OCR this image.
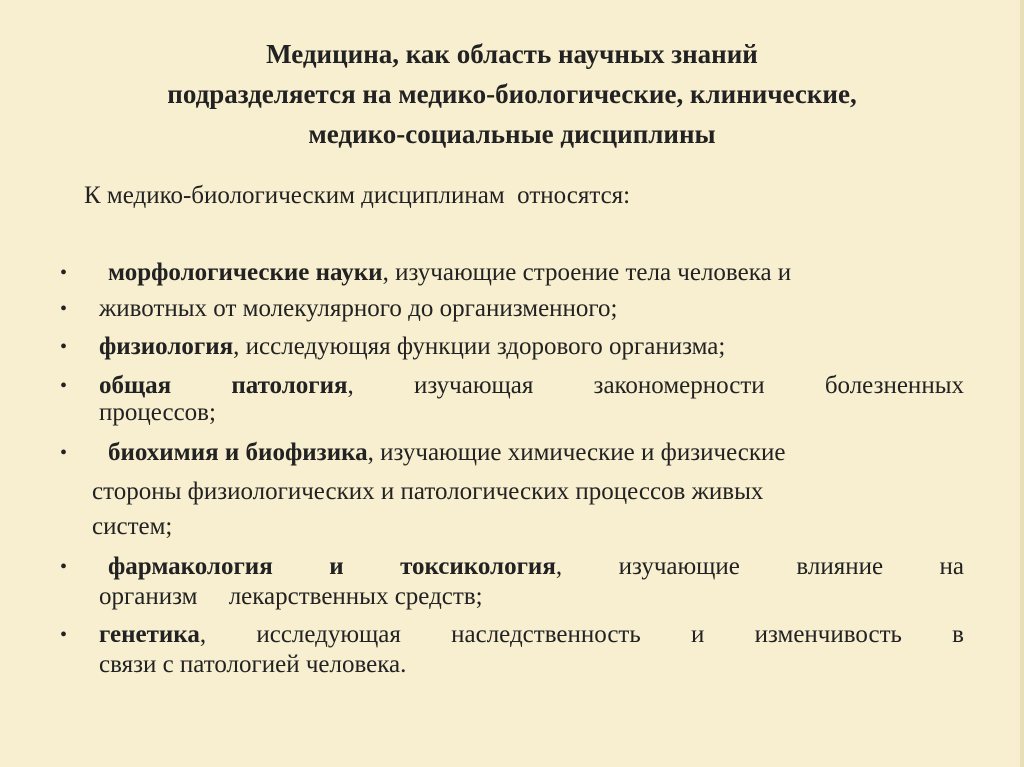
Медицина, как область научных знаний
подразделяется на медико-биологические, клинические,
медико-социальные дисциплины
К медико-биологическим дисциплинам  относятся:
• морфологические науки, изучающие строение тела человека и
• животных от молекулярного до организменного;
• физиология, исследующяя функции здорового организма;
• общая патология, изучающая закономерности болезненных
процессов;
• биохимия и биофизика, изучающие химические и физические
стороны физиологических и патологических процессов живых
систем;
• фармакология и токсикология, изучающие влияние на
организм     лекарственных средств;
• генетика, исследующая наследственность и изменчивость в
связи с патологией человека.
